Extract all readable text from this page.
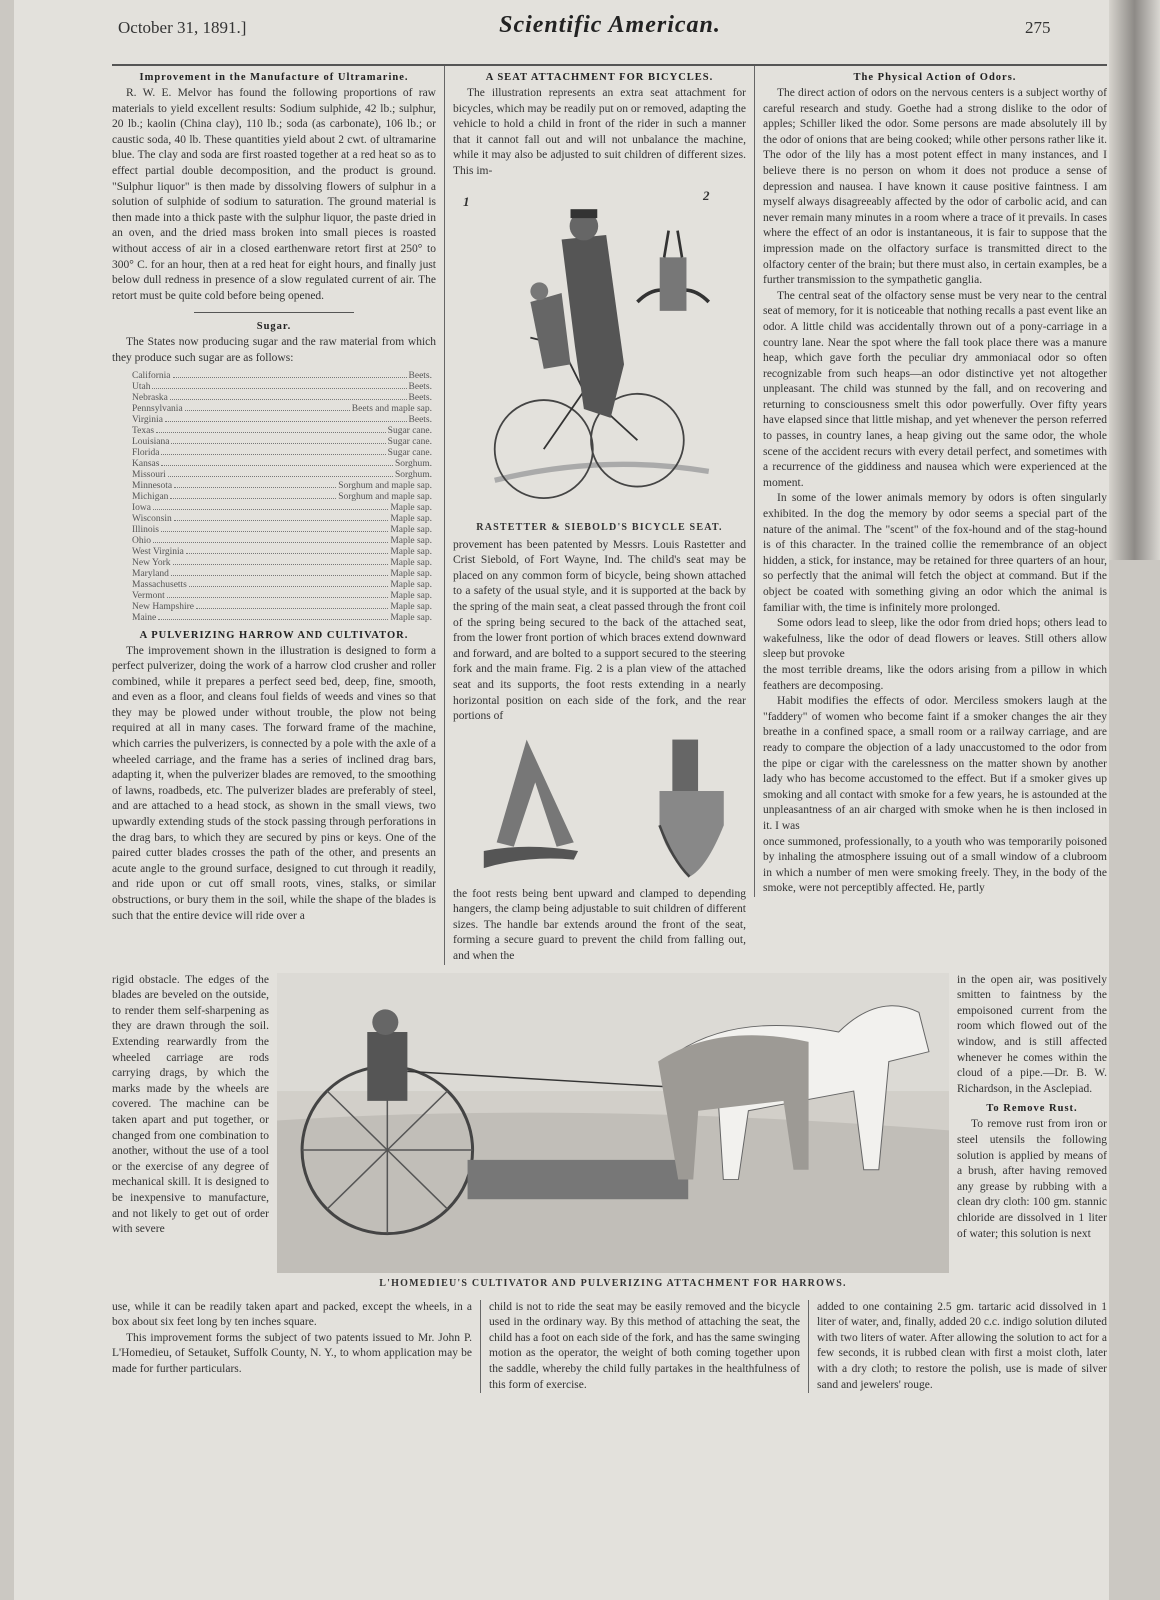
October 31, 1891.]	Scientific American.	275
Improvement in the Manufacture of Ultramarine.

R. W. E. Melvor has found the following proportions of raw materials to yield excellent results: Sodium sulphide, 42 lb.; sulphur, 20 lb.; kaolin (China clay), 110 lb.; soda (as carbonate), 106 lb.; or caustic soda, 40 lb. These quantities yield about 2 cwt. of ultramarine blue. The clay and soda are first roasted together at a red heat so as to effect partial double decomposition, and the product is ground. "Sulphur liquor" is then made by dissolving flowers of sulphur in a solution of sulphide of sodium to saturation. The ground material is then made into a thick paste with the sulphur liquor, the paste dried in an oven, and the dried mass broken into small pieces is roasted without access of air in a closed earthenware retort first at 250° to 300° C. for an hour, then at a red heat for eight hours, and finally just below dull redness in presence of a slow regulated current of air. The retort must be quite cold before being opened.

Sugar.

The States now producing sugar and the raw material from which they produce such sugar are as follows:

California	Beets.
Utah	Beets.
Nebraska	Beets.
Pennsylvania	Beets and maple sap.
Virginia	Beets.
Texas	Sugar cane.
Louisiana	Sugar cane.
Florida	Sugar cane.
Kansas	Sorghum.
Missouri	Sorghum.
Minnesota	Sorghum and maple sap.
Michigan	Sorghum and maple sap.
Iowa	Maple sap.
Wisconsin	Maple sap.
Illinois	Maple sap.
Ohio	Maple sap.
West Virginia	Maple sap.
New York	Maple sap.
Maryland	Maple sap.
Massachusetts	Maple sap.
Vermont	Maple sap.
New Hampshire	Maple sap.
Maine	Maple sap.
A PULVERIZING HARROW AND CULTIVATOR.

The improvement shown in the illustration is designed to form a perfect pulverizer, doing the work of a harrow clod crusher and roller combined, while it prepares a perfect seed bed, deep, fine, smooth, and even as a floor, and cleans foul fields of weeds and vines so that they may be plowed under without trouble, the plow not being required at all in many cases. The forward frame of the machine, which carries the pulverizers, is connected by a pole with the axle of a wheeled carriage, and the frame has a series of inclined drag bars, adapting it, when the pulverizer blades are removed, to the smoothing of lawns, roadbeds, etc. The pulverizer blades are preferably of steel, and are attached to a head stock, as shown in the small views, two upwardly extending studs of the stock passing through perforations in the drag bars, to which they are secured by pins or keys. One of the paired cutter blades crosses the path of the other, and presents an acute angle to the ground surface, designed to cut through it readily, and ride upon or cut off small roots, vines, stalks, or similar obstructions, or bury them in the soil, while the shape of the blades is such that the entire device will ride over a

A SEAT ATTACHMENT FOR BICYCLES.

The illustration represents an extra seat attachment for bicycles, which may be readily put on or removed, adapting the vehicle to hold a child in front of the rider in such a manner that it cannot fall out and will not unbalance the machine, while it may also be adjusted to suit children of different sizes. This im-

1	2
RASTETTER & SIEBOLD'S BICYCLE SEAT.

provement has been patented by Messrs. Louis Rastetter and Crist Siebold, of Fort Wayne, Ind. The child's seat may be placed on any common form of bicycle, being shown attached to a safety of the usual style, and it is supported at the back by the spring of the main seat, a cleat passed through the front coil of the spring being secured to the back of the attached seat, from the lower front portion of which braces extend downward and forward, and are bolted to a support secured to the steering fork and the main frame. Fig. 2 is a plan view of the attached seat and its supports, the foot rests extending in a nearly horizontal position on each side of the fork, and the rear portions of

the foot rests being bent upward and clamped to depending hangers, the clamp being adjustable to suit children of different sizes. The handle bar extends around the front of the seat, forming a secure guard to prevent the child from falling out, and when the

The Physical Action of Odors.

The direct action of odors on the nervous centers is a subject worthy of careful research and study. Goethe had a strong dislike to the odor of apples; Schiller liked the odor. Some persons are made absolutely ill by the odor of onions that are being cooked; while other persons rather like it. The odor of the lily has a most potent effect in many instances, and I believe there is no person on whom it does not produce a sense of depression and nausea. I have known it cause positive faintness. I am myself always disagreeably affected by the odor of carbolic acid, and can never remain many minutes in a room where a trace of it prevails. In cases where the effect of an odor is instantaneous, it is fair to suppose that the impression made on the olfactory surface is transmitted direct to the olfactory center of the brain; but there must also, in certain examples, be a further transmission to the sympathetic ganglia.

The central seat of the olfactory sense must be very near to the central seat of memory, for it is noticeable that nothing recalls a past event like an odor. A little child was accidentally thrown out of a pony-carriage in a country lane. Near the spot where the fall took place there was a manure heap, which gave forth the peculiar dry ammoniacal odor so often recognizable from such heaps—an odor distinctive yet not altogether unpleasant. The child was stunned by the fall, and on recovering and returning to consciousness smelt this odor powerfully. Over fifty years have elapsed since that little mishap, and yet whenever the person referred to passes, in country lanes, a heap giving out the same odor, the whole scene of the accident recurs with every detail perfect, and sometimes with a recurrence of the giddiness and nausea which were experienced at the moment.

In some of the lower animals memory by odors is often singularly exhibited. In the dog the memory by odor seems a special part of the nature of the animal. The "scent" of the fox-hound and of the stag-hound is of this character. In the trained collie the remembrance of an object hidden, a stick, for instance, may be retained for three quarters of an hour, so perfectly that the animal will fetch the object at command. But if the object be coated with something giving an odor which the animal is familiar with, the time is infinitely more prolonged.

Some odors lead to sleep, like the odor from dried hops; others lead to wakefulness, like the odor of dead flowers or leaves. Still others allow sleep but provoke

the most terrible dreams, like the odors arising from a pillow in which feathers are decomposing.

Habit modifies the effects of odor. Merciless smokers laugh at the "faddery" of women who become faint if a smoker changes the air they breathe in a confined space, a small room or a railway carriage, and are ready to compare the objection of a lady unaccustomed to the odor from the pipe or cigar with the carelessness on the matter shown by another lady who has become accustomed to the effect. But if a smoker gives up smoking and all contact with smoke for a few years, he is astounded at the unpleasantness of an air charged with smoke when he is then inclosed in it. I was

once summoned, professionally, to a youth who was temporarily poisoned by inhaling the atmosphere issuing out of a small window of a clubroom in which a number of men were smoking freely. They, in the body of the smoke, were not perceptibly affected. He, partly

rigid obstacle. The edges of the blades are beveled on the outside, to render them self-sharpening as they are drawn through the soil. Extending rearwardly from the wheeled carriage are rods carrying drags, by which the marks made by the wheels are covered. The machine can be taken apart and put together, or changed from one combination to another, without the use of a tool or the exercise of any degree of mechanical skill. It is designed to be inexpensive to manufacture, and not likely to get out of order with severe

L'HOMEDIEU'S CULTIVATOR AND PULVERIZING ATTACHMENT FOR HARROWS.

in the open air, was positively smitten to faintness by the empoisoned current from the room which flowed out of the window, and is still affected whenever he comes within the cloud of a pipe.—Dr. B. W. Richardson, in the Asclepiad.

To Remove Rust.

To remove rust from iron or steel utensils the following solution is applied by means of a brush, after having removed any grease by rubbing with a clean dry cloth: 100 gm. stannic chloride are dissolved in 1 liter of water; this solution is next

use, while it can be readily taken apart and packed, except the wheels, in a box about six feet long by ten inches square.

This improvement forms the subject of two patents issued to Mr. John P. L'Homedieu, of Setauket, Suffolk County, N. Y., to whom application may be made for further particulars.

child is not to ride the seat may be easily removed and the bicycle used in the ordinary way. By this method of attaching the seat, the child has a foot on each side of the fork, and has the same swinging motion as the operator, the weight of both coming together upon the saddle, whereby the child fully partakes in the healthfulness of this form of exercise.

added to one containing 2.5 gm. tartaric acid dissolved in 1 liter of water, and, finally, added 20 c.c. indigo solution diluted with two liters of water. After allowing the solution to act for a few seconds, it is rubbed clean with first a moist cloth, later with a dry cloth; to restore the polish, use is made of silver sand and jewelers' rouge.
